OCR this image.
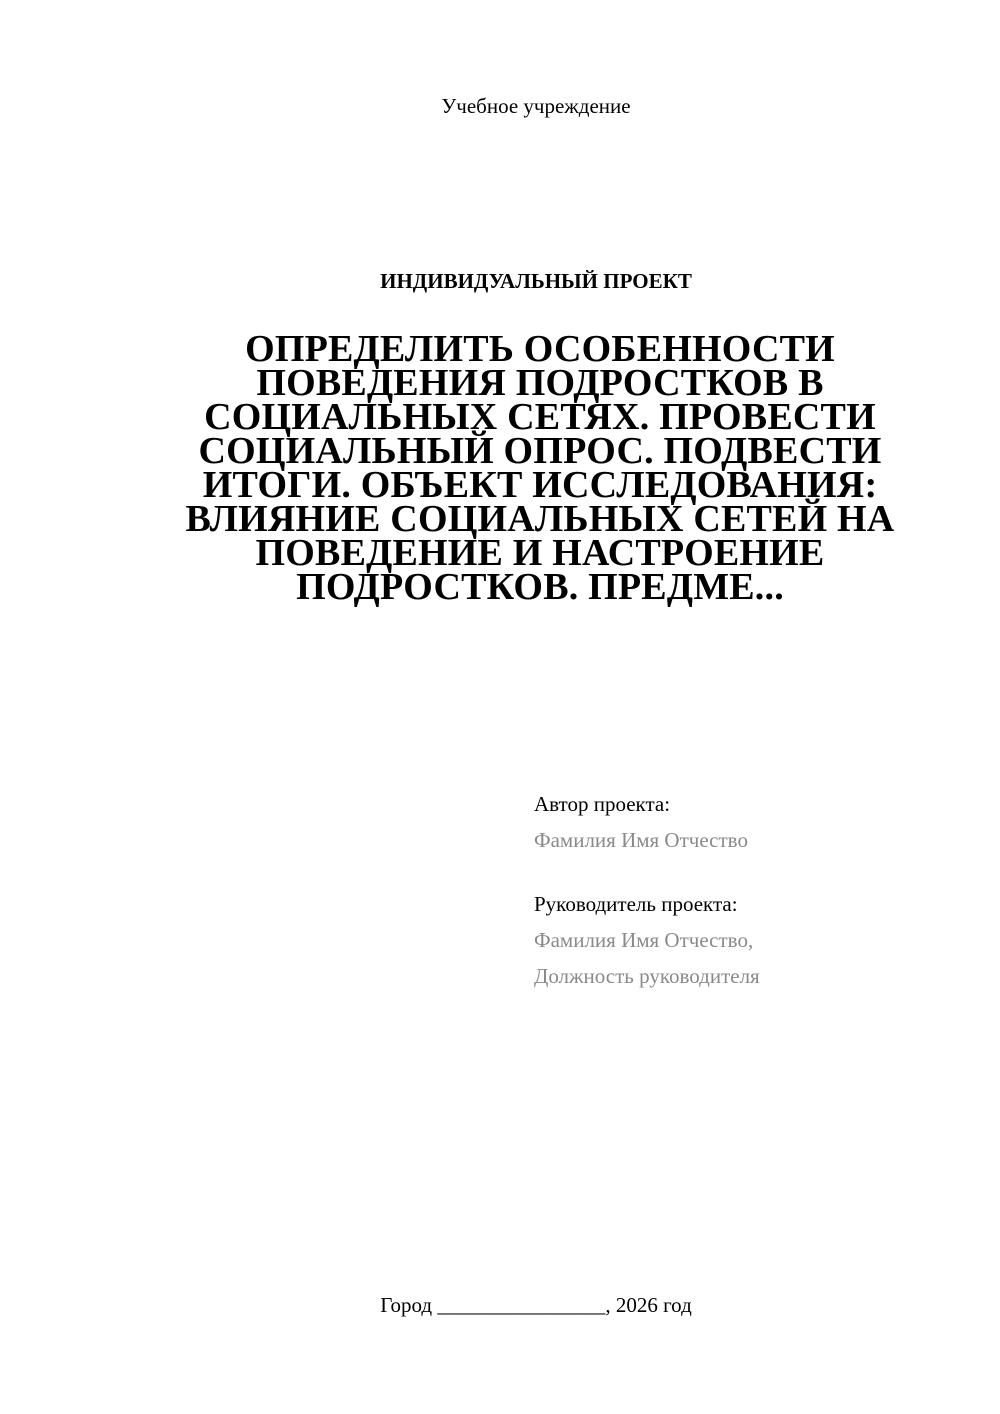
Учебное учреждение
ИНДИВИДУАЛЬНЫЙ ПРОЕКТ
ОПРЕДЕЛИТЬ ОСОБЕННОСТИ ПОВЕДЕНИЯ ПОДРОСТКОВ В СОЦИАЛЬНЫХ СЕТЯХ. ПРОВЕСТИ СОЦИАЛЬНЫЙ ОПРОС. ПОДВЕСТИ ИТОГИ. ОБЪЕКТ ИССЛЕДОВАНИЯ: ВЛИЯНИЕ СОЦИАЛЬНЫХ СЕТЕЙ НА ПОВЕДЕНИЕ И НАСТРОЕНИЕ ПОДРОСТКОВ. ПРЕДМЕ...
Автор проекта:
Фамилия Имя Отчество
Руководитель проекта:
Фамилия Имя Отчество,
Должность руководителя
Город ________________, 2026 год
